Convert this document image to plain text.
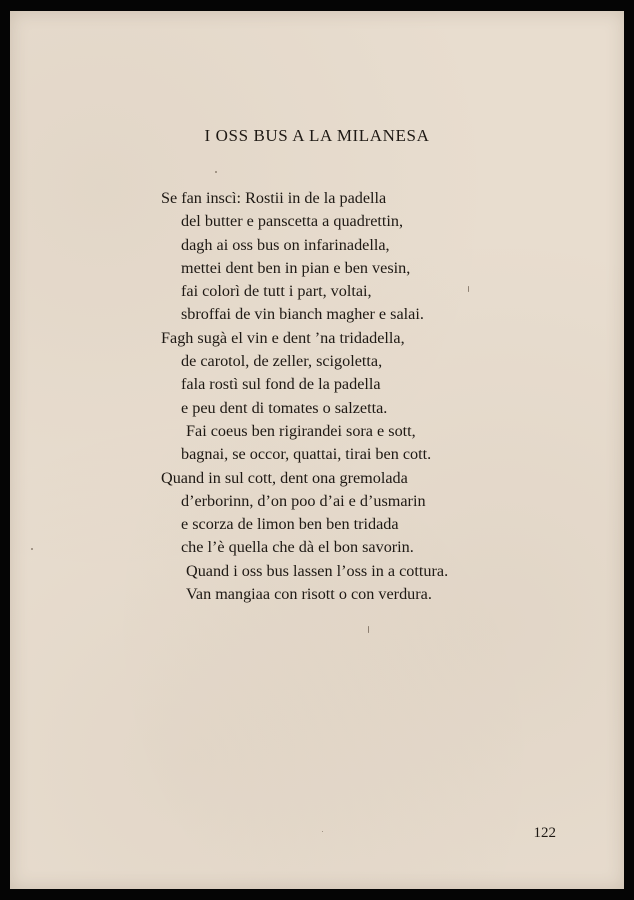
I OSS BUS A LA MILANESA
Se fan inscì: Rostii in de la padella
del butter e panscetta a quadrettin,
dagh ai oss bus on infarinadella,
mettei dent ben in pian e ben vesin,
fai colorì de tutt i part, voltai,
sbroffai de vin bianch magher e salai.
Fagh sugà el vin e dent ’na tridadella,
de carotol, de zeller, scigoletta,
fala rostì sul fond de la padella
e peu dent di tomates o salzetta.
Fai coeus ben rigirandei sora e sott,
bagnai, se occor, quattai, tirai ben cott.
Quand in sul cott, dent ona gremolada
d’erborinn, d’on poo d’ai e d’usmarin
e scorza de limon ben ben tridada
che l’è quella che dà el bon savorin.
Quand i oss bus lassen l’oss in a cottura.
Van mangiaa con risott o con verdura.
122
